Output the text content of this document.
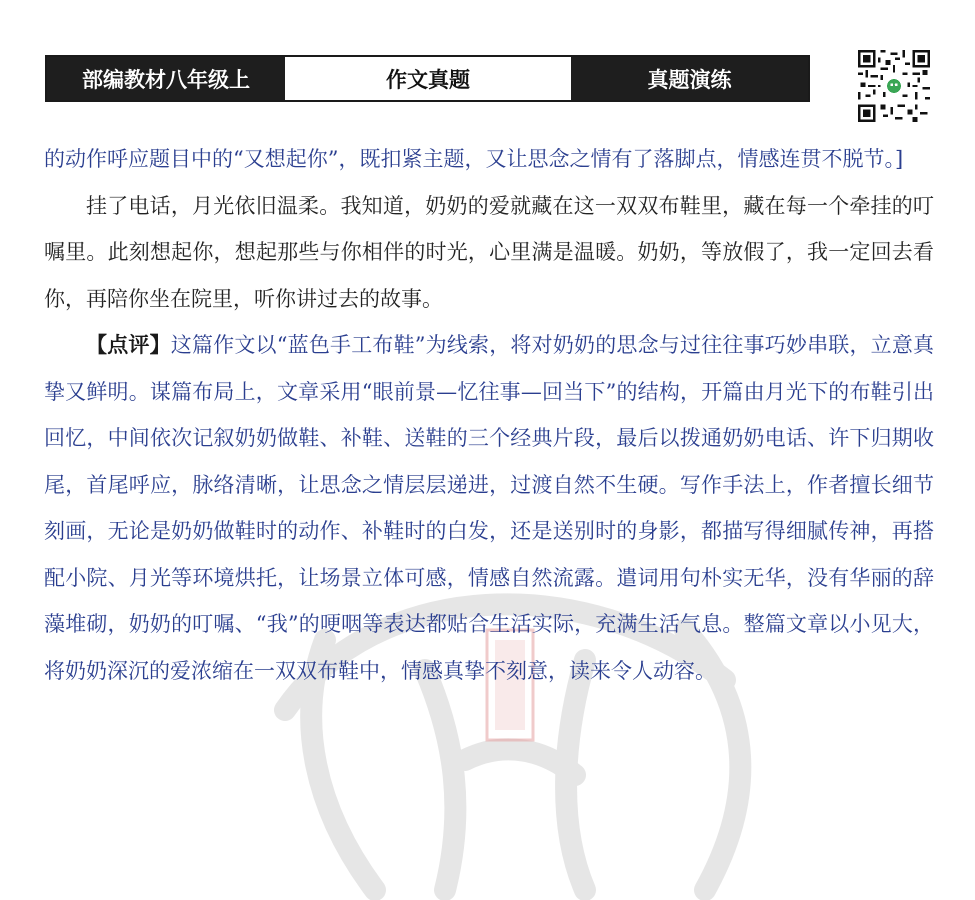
部编教材八年级上	作文真题	真题演练

的动作呼应题目中的“又想起你”，既扣紧主题，又让思念之情有了落脚点，情感连贯不脱节。]

挂了电话，月光依旧温柔。我知道，奶奶的爱就藏在这一双双布鞋里，藏在每一个牵挂的叮嘱里。此刻想起你，想起那些与你相伴的时光，心里满是温暖。奶奶，等放假了，我一定回去看你，再陪你坐在院里，听你讲过去的故事。

【点评】这篇作文以“蓝色手工布鞋”为线索，将对奶奶的思念与过往往事巧妙串联，立意真挚又鲜明。谋篇布局上，文章采用“眼前景—忆往事—回当下”的结构，开篇由月光下的布鞋引出回忆，中间依次记叙奶奶做鞋、补鞋、送鞋的三个经典片段，最后以拨通奶奶电话、许下归期收尾，首尾呼应，脉络清晰，让思念之情层层递进，过渡自然不生硬。写作手法上，作者擅长细节刻画，无论是奶奶做鞋时的动作、补鞋时的白发，还是送别时的身影，都描写得细腻传神，再搭配小院、月光等环境烘托，让场景立体可感，情感自然流露。遣词用句朴实无华，没有华丽的辞藻堆砌，奶奶的叮嘱、“我”的哽咽等表达都贴合生活实际，充满生活气息。整篇文章以小见大，将奶奶深沉的爱浓缩在一双双布鞋中，情感真挚不刻意，读来令人动容。
